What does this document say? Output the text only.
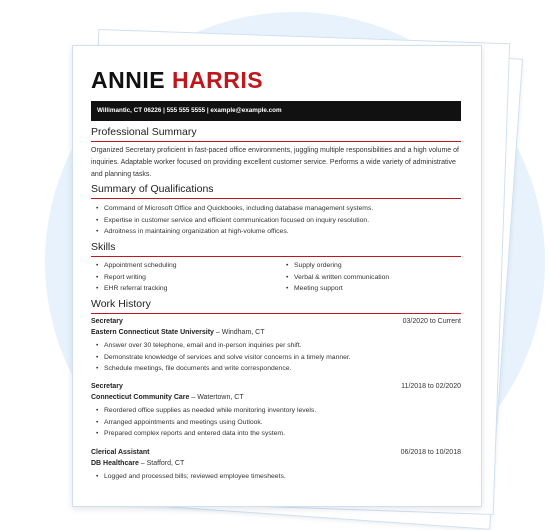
ANNIE HARRIS
Willimantic, CT 06226 | 555 555 5555 | example@example.com
Professional Summary
Organized Secretary proficient in fast-paced office environments, juggling multiple responsibilities and a high volume of inquiries. Adaptable worker focused on providing excellent customer service. Performs a wide variety of administrative and planning tasks.
Summary of Qualifications
• Command of Microsoft Office and Quickbooks, including database management systems.
• Expertise in customer service and efficient communication focused on inquiry resolution.
• Adroitness in maintaining organization at high-volume offices.
Skills
• Appointment scheduling
• Report writing
• EHR referral tracking
• Supply ordering
• Verbal & written communication
• Meeting support
Work History
Secretary	03/2020 to Current
Eastern Connecticut State University – Windham, CT
• Answer over 30 telephone, email and in-person inquiries per shift.
• Demonstrate knowledge of services and solve visitor concerns in a timely manner.
• Schedule meetings, file documents and write correspondence.
Secretary	11/2018 to 02/2020
Connecticut Community Care – Watertown, CT
• Reordered office supplies as needed while monitoring inventory levels.
• Arranged appointments and meetings using Outlook.
• Prepared complex reports and entered data into the system.
Clerical Assistant	06/2018 to 10/2018
DB Healthcare – Stafford, CT
• Logged and processed bills; reviewed employee timesheets.
